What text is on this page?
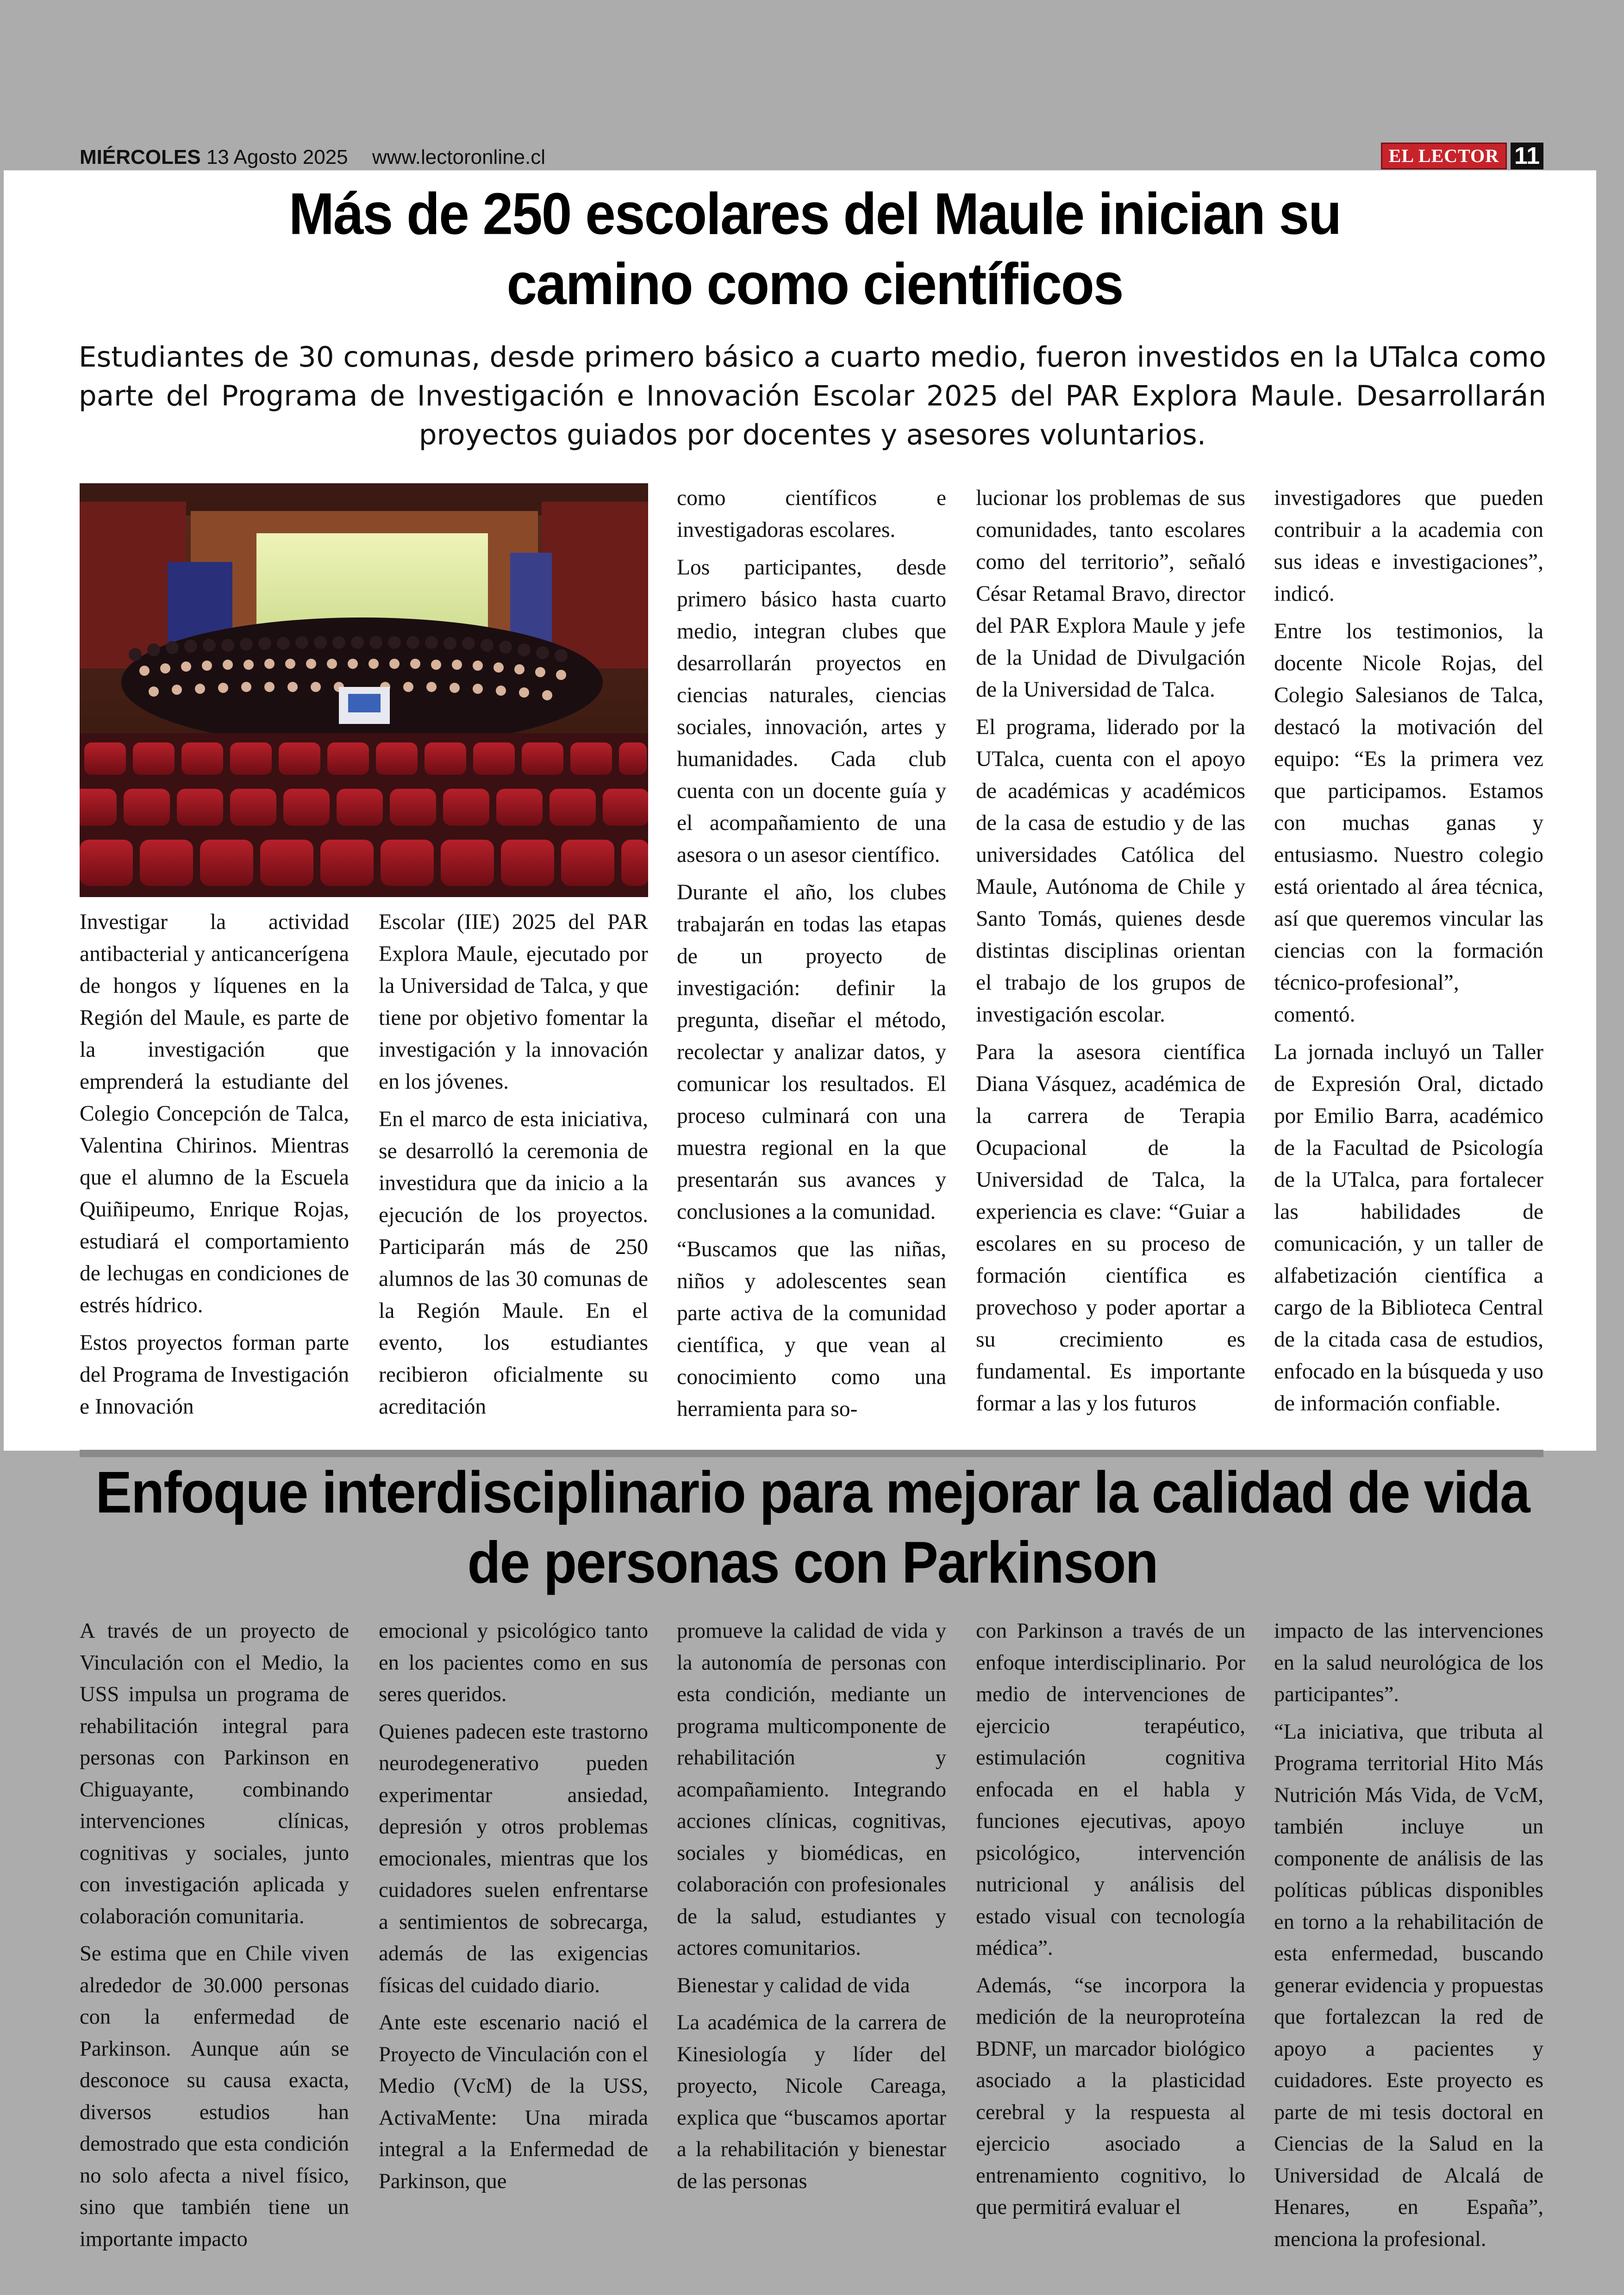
MIÉRCOLES 13 Agosto 2025 www.lectoronline.cl	EL LECTOR 11
Más de 250 escolares del Maule inician su
camino como científicos

Estudiantes de 30 comunas, desde primero básico a cuarto medio, fueron investidos en la UTalca como parte del Programa de Investigación e Innovación Escolar 2025 del PAR Explora Maule. Desarrollarán proyectos guiados por docentes y asesores voluntarios.

Investigar la actividad antibacterial y anticancerígena de hongos y líquenes en la Región del Maule, es parte de la investigación que emprenderá la estudiante del Colegio Concepción de Talca, Valentina Chirinos. Mientras que el alumno de la Escuela Quiñipeumo, Enrique Rojas, estudiará el comportamiento de lechugas en condiciones de estrés hídrico.

Estos proyectos forman parte del Programa de Investigación e Innovación

Escolar (IIE) 2025 del PAR Explora Maule, ejecutado por la Universidad de Talca, y que tiene por objetivo fomentar la investigación y la innovación en los jóvenes.

En el marco de esta iniciativa, se desarrolló la ceremonia de investidura que da inicio a la ejecución de los proyectos. Participarán más de 250 alumnos de las 30 comunas de la Región Maule. En el evento, los estudiantes recibieron oficialmente su acreditación

como científicos e investigadoras escolares.

Los participantes, desde primero básico hasta cuarto medio, integran clubes que desarrollarán proyectos en ciencias naturales, ciencias sociales, innovación, artes y humanidades. Cada club cuenta con un docente guía y el acompañamiento de una asesora o un asesor científico.

Durante el año, los clubes trabajarán en todas las etapas de un proyecto de investigación: definir la pregunta, diseñar el método, recolectar y analizar datos, y comunicar los resultados. El proceso culminará con una muestra regional en la que presentarán sus avances y conclusiones a la comunidad.

“Buscamos que las niñas, niños y adolescentes sean parte activa de la comunidad científica, y que vean al conocimiento como una herramienta para so-

lucionar los problemas de sus comunidades, tanto escolares como del territorio”, señaló César Retamal Bravo, director del PAR Explora Maule y jefe de la Unidad de Divulgación de la Universidad de Talca.

El programa, liderado por la UTalca, cuenta con el apoyo de académicas y académicos de la casa de estudio y de las universidades Católica del Maule, Autónoma de Chile y Santo Tomás, quienes desde distintas disciplinas orientan el trabajo de los grupos de investigación escolar.

Para la asesora científica Diana Vásquez, académica de la carrera de Terapia Ocupacional de la Universidad de Talca, la experiencia es clave: “Guiar a escolares en su proceso de formación científica es provechoso y poder aportar a su crecimiento es fundamental. Es importante formar a las y los futuros

investigadores que pueden contribuir a la academia con sus ideas e investigaciones”, indicó.

Entre los testimonios, la docente Nicole Rojas, del Colegio Salesianos de Talca, destacó la motivación del equipo: “Es la primera vez que participamos. Estamos con muchas ganas y entusiasmo. Nuestro colegio está orientado al área técnica, así que queremos vincular las ciencias con la formación técnico-profesional”, comentó.

La jornada incluyó un Taller de Expresión Oral, dictado por Emilio Barra, académico de la Facultad de Psicología de la UTalca, para fortalecer las habilidades de comunicación, y un taller de alfabetización científica a cargo de la Biblioteca Central de la citada casa de estudios, enfocado en la búsqueda y uso de información confiable.

Enfoque interdisciplinario para mejorar la calidad de vida
de personas con Parkinson

A través de un proyecto de Vinculación con el Medio, la USS impulsa un programa de rehabilitación integral para personas con Parkinson en Chiguayante, combinando intervenciones clínicas, cognitivas y sociales, junto con investigación aplicada y colaboración comunitaria.

Se estima que en Chile viven alrededor de 30.000 personas con la enfermedad de Parkinson. Aunque aún se desconoce su causa exacta, diversos estudios han demostrado que esta condición no solo afecta a nivel físico, sino que también tiene un importante impacto

emocional y psicológico tanto en los pacientes como en sus seres queridos.

Quienes padecen este trastorno neurodegenerativo pueden experimentar ansiedad, depresión y otros problemas emocionales, mientras que los cuidadores suelen enfrentarse a sentimientos de sobrecarga, además de las exigencias físicas del cuidado diario.

Ante este escenario nació el Proyecto de Vinculación con el Medio (VcM) de la USS, ActivaMente: Una mirada integral a la Enfermedad de Parkinson, que

promueve la calidad de vida y la autonomía de personas con esta condición, mediante un programa multicomponente de rehabilitación y acompañamiento. Integrando acciones clínicas, cognitivas, sociales y biomédicas, en colaboración con profesionales de la salud, estudiantes y actores comunitarios.

Bienestar y calidad de vida

La académica de la carrera de Kinesiología y líder del proyecto, Nicole Careaga, explica que “buscamos aportar a la rehabilitación y bienestar de las personas

con Parkinson a través de un enfoque interdisciplinario. Por medio de intervenciones de ejercicio terapéutico, estimulación cognitiva enfocada en el habla y funciones ejecutivas, apoyo psicológico, intervención nutricional y análisis del estado visual con tecnología médica”.

Además, “se incorpora la medición de la neuroproteína BDNF, un marcador biológico asociado a la plasticidad cerebral y la respuesta al ejercicio asociado a entrenamiento cognitivo, lo que permitirá evaluar el

impacto de las intervenciones en la salud neurológica de los participantes”.

“La iniciativa, que tributa al Programa territorial Hito Más Nutrición Más Vida, de VcM, también incluye un componente de análisis de las políticas públicas disponibles en torno a la rehabilitación de esta enfermedad, buscando generar evidencia y propuestas que fortalezcan la red de apoyo a pacientes y cuidadores. Este proyecto es parte de mi tesis doctoral en Ciencias de la Salud en la Universidad de Alcalá de Henares, en España”, menciona la profesional.
